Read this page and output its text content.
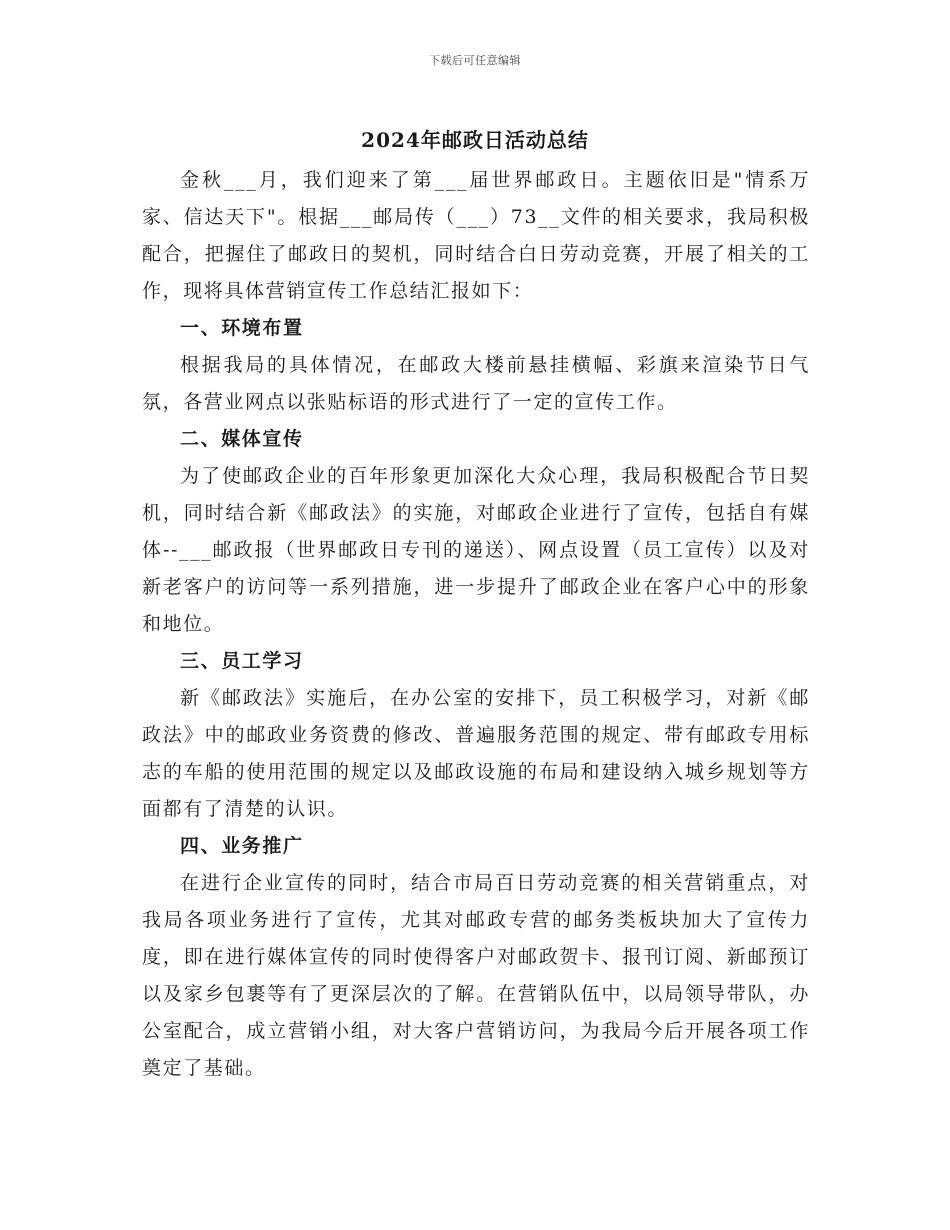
下载后可任意编辑
2024年邮政日活动总结

金秋___月，我们迎来了第___届世界邮政日。主题依旧是"情系万家、信达天下"。根据___邮局传（___）73__文件的相关要求，我局积极配合，把握住了邮政日的契机，同时结合白日劳动竞赛，开展了相关的工作，现将具体营销宣传工作总结汇报如下：

一、环境布置

根据我局的具体情况，在邮政大楼前悬挂横幅、彩旗来渲染节日气氛，各营业网点以张贴标语的形式进行了一定的宣传工作。

二、媒体宣传

为了使邮政企业的百年形象更加深化大众心理，我局积极配合节日契机，同时结合新《邮政法》的实施，对邮政企业进行了宣传，包括自有媒体--___邮政报（世界邮政日专刊的递送）、网点设置（员工宣传）以及对新老客户的访问等一系列措施，进一步提升了邮政企业在客户心中的形象和地位。

三、员工学习

新《邮政法》实施后，在办公室的安排下，员工积极学习，对新《邮政法》中的邮政业务资费的修改、普遍服务范围的规定、带有邮政专用标志的车船的使用范围的规定以及邮政设施的布局和建设纳入城乡规划等方面都有了清楚的认识。

四、业务推广

在进行企业宣传的同时，结合市局百日劳动竞赛的相关营销重点，对我局各项业务进行了宣传，尤其对邮政专营的邮务类板块加大了宣传力度，即在进行媒体宣传的同时使得客户对邮政贺卡、报刊订阅、新邮预订以及家乡包裹等有了更深层次的了解。在营销队伍中，以局领导带队，办公室配合，成立营销小组，对大客户营销访问，为我局今后开展各项工作奠定了基础。
